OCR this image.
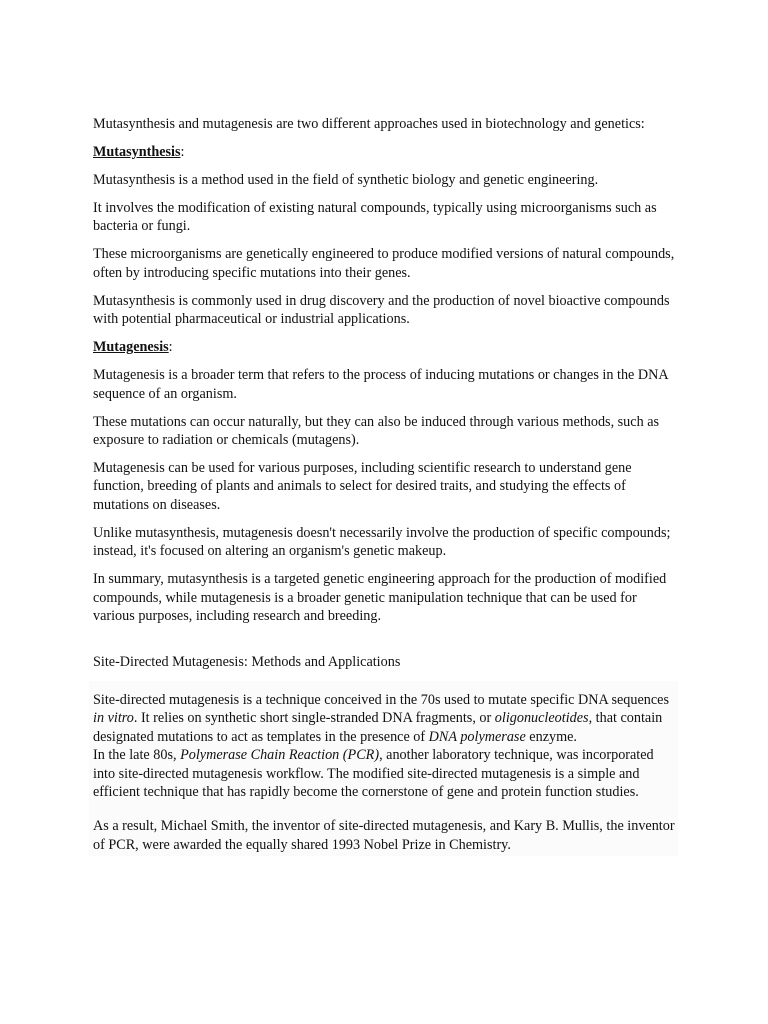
Mutasynthesis and mutagenesis are two different approaches used in biotechnology and genetics:

Mutasynthesis:

Mutasynthesis is a method used in the field of synthetic biology and genetic engineering.

It involves the modification of existing natural compounds, typically using microorganisms such as bacteria or fungi.

These microorganisms are genetically engineered to produce modified versions of natural compounds, often by introducing specific mutations into their genes.

Mutasynthesis is commonly used in drug discovery and the production of novel bioactive compounds with potential pharmaceutical or industrial applications.

Mutagenesis:

Mutagenesis is a broader term that refers to the process of inducing mutations or changes in the DNA sequence of an organism.

These mutations can occur naturally, but they can also be induced through various methods, such as exposure to radiation or chemicals (mutagens).

Mutagenesis can be used for various purposes, including scientific research to understand gene function, breeding of plants and animals to select for desired traits, and studying the effects of mutations on diseases.

Unlike mutasynthesis, mutagenesis doesn't necessarily involve the production of specific compounds; instead, it's focused on altering an organism's genetic makeup.

In summary, mutasynthesis is a targeted genetic engineering approach for the production of modified compounds, while mutagenesis is a broader genetic manipulation technique that can be used for various purposes, including research and breeding.

Site-Directed Mutagenesis: Methods and Applications

Site-directed mutagenesis is a technique conceived in the 70s used to mutate specific DNA sequences in vitro. It relies on synthetic short single-stranded DNA fragments, or oligonucleotides, that contain designated mutations to act as templates in the presence of DNA polymerase enzyme.

In the late 80s, Polymerase Chain Reaction (PCR), another laboratory technique, was incorporated into site-directed mutagenesis workflow. The modified site-directed mutagenesis is a simple and efficient technique that has rapidly become the cornerstone of gene and protein function studies.

As a result, Michael Smith, the inventor of site-directed mutagenesis, and Kary B. Mullis, the inventor of PCR, were awarded the equally shared 1993 Nobel Prize in Chemistry.
